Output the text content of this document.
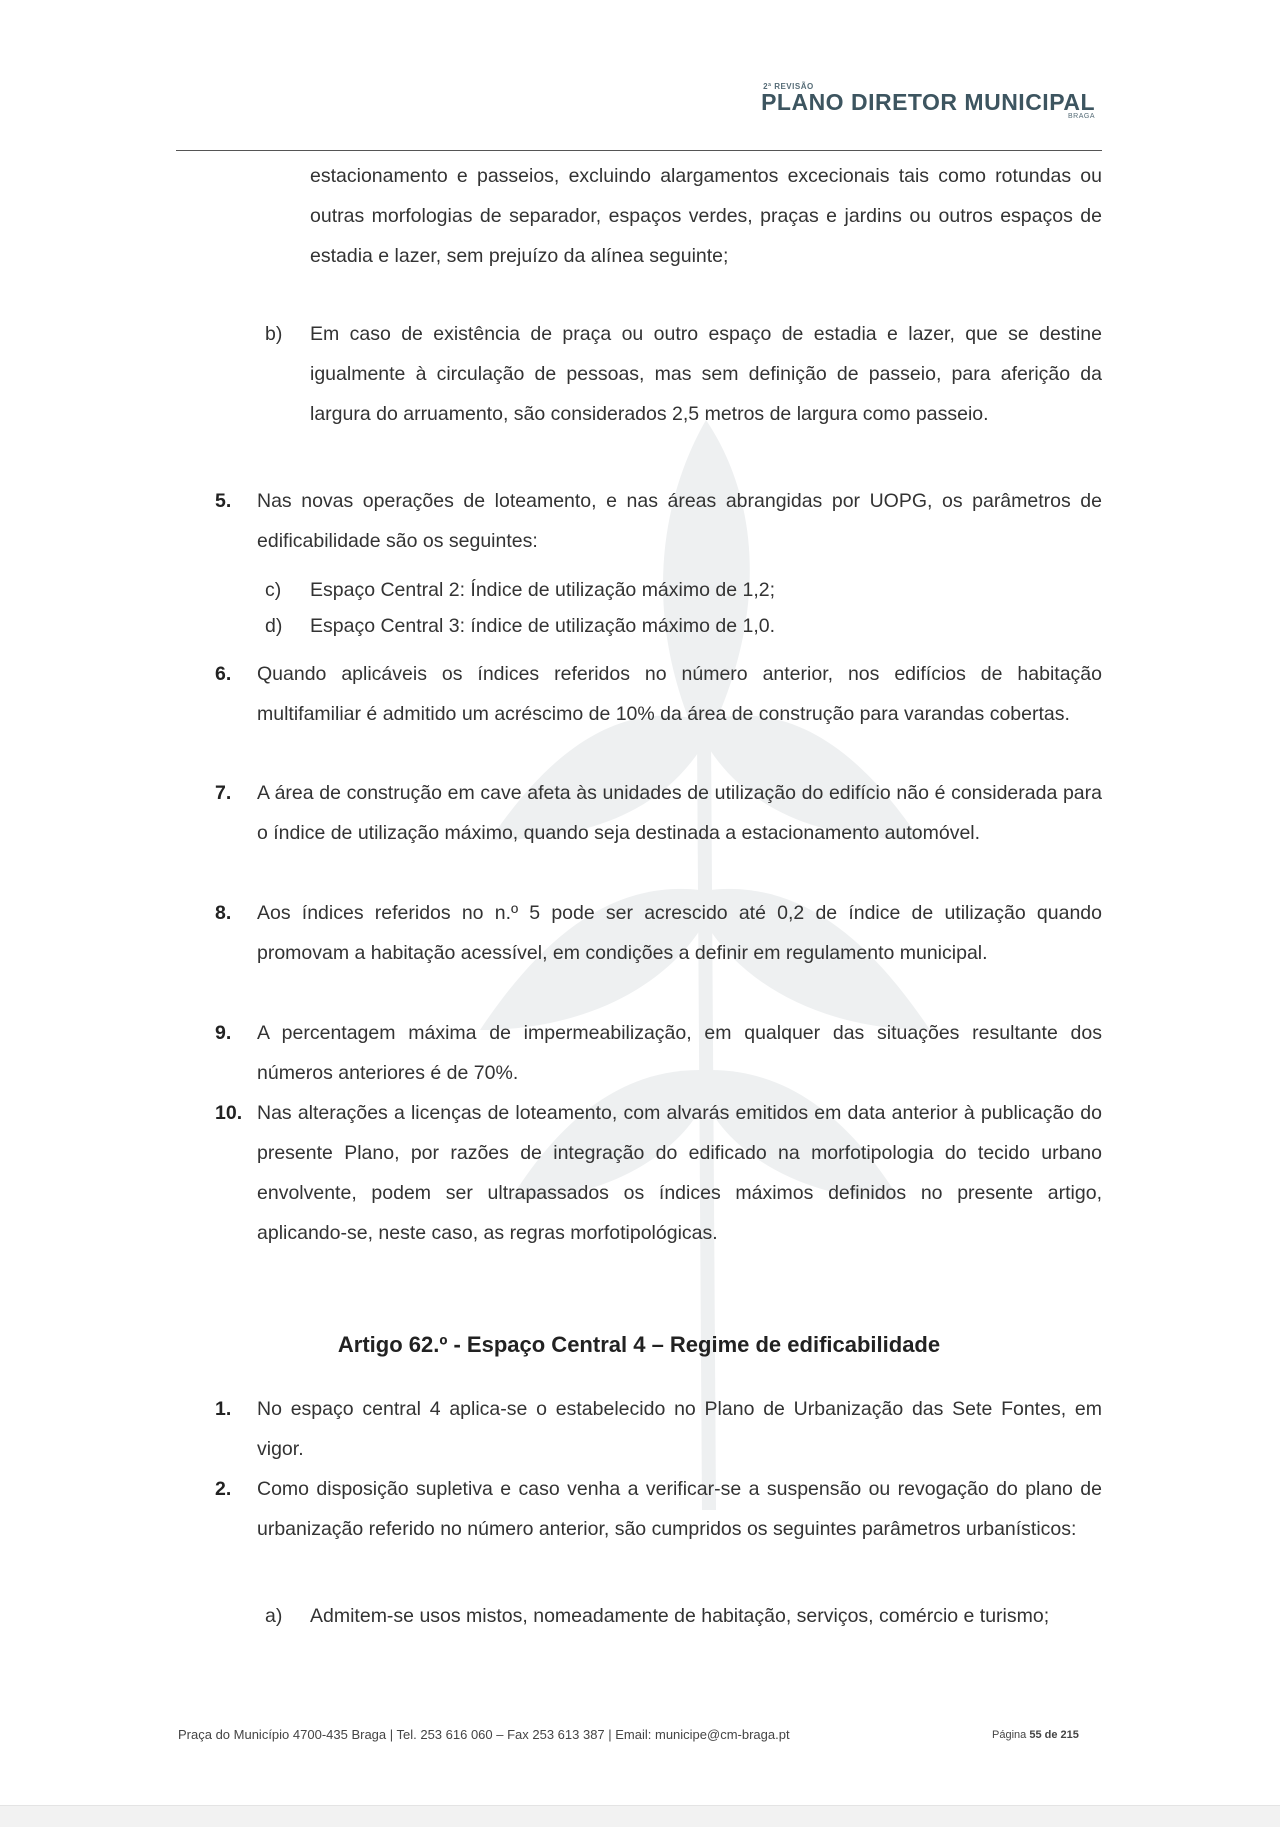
2ª REVISÃO
PLANO DIRETOR MUNICIPAL
BRAGA
estacionamento e passeios, excluindo alargamentos excecionais tais como rotundas ou outras morfologias de separador, espaços verdes, praças e jardins ou outros espaços de estadia e lazer, sem prejuízo da alínea seguinte;
b)	Em caso de existência de praça ou outro espaço de estadia e lazer, que se destine igualmente à circulação de pessoas, mas sem definição de passeio, para aferição da largura do arruamento, são considerados 2,5 metros de largura como passeio.
5.	Nas novas operações de loteamento, e nas áreas abrangidas por UOPG, os parâmetros de edificabilidade são os seguintes:
c)	Espaço Central 2: Índice de utilização máximo de 1,2;
d)	Espaço Central 3: índice de utilização máximo de 1,0.
6.	Quando aplicáveis os índices referidos no número anterior, nos edifícios de habitação multifamiliar é admitido um acréscimo de 10% da área de construção para varandas cobertas.
7.	A área de construção em cave afeta às unidades de utilização do edifício não é considerada para o índice de utilização máximo, quando seja destinada a estacionamento automóvel.
8.	Aos índices referidos no n.º 5 pode ser acrescido até 0,2 de índice de utilização quando promovam a habitação acessível, em condições a definir em regulamento municipal.
9.	A percentagem máxima de impermeabilização, em qualquer das situações resultante dos números anteriores é de 70%.
10. Nas alterações a licenças de loteamento, com alvarás emitidos em data anterior à publicação do presente Plano, por razões de integração do edificado na morfotipologia do tecido urbano envolvente, podem ser ultrapassados os índices máximos definidos no presente artigo, aplicando-se, neste caso, as regras morfotipológicas.
Artigo 62.º - Espaço Central 4 – Regime de edificabilidade
1.	No espaço central 4 aplica-se o estabelecido no Plano de Urbanização das Sete Fontes, em vigor.
2.	Como disposição supletiva e caso venha a verificar-se a suspensão ou revogação do plano de urbanização referido no número anterior, são cumpridos os seguintes parâmetros urbanísticos:
a)	Admitem-se usos mistos, nomeadamente de habitação, serviços, comércio e turismo;
Praça do Município 4700-435 Braga | Tel. 253 616 060 – Fax 253 613 387 | Email: municipe@cm-braga.pt	Página 55 de 215
